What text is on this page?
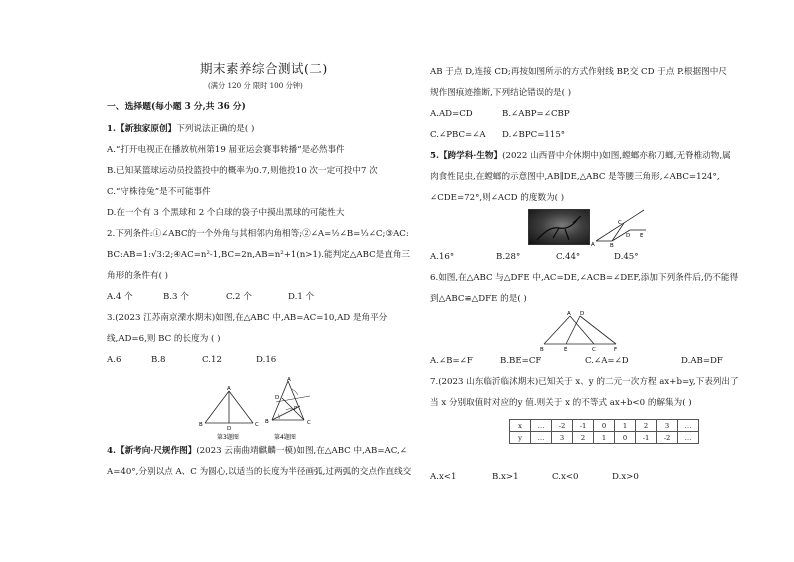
期末素养综合测试(二)
(满分 120 分 限时 100 分钟)
一、选择题(每小题 3 分,共 36 分)
1.【新独家原创】下列说法正确的是( )
A.“打开电视正在播放杭州第19 届亚运会赛事转播”是必然事件
B.已知某篮球运动员投篮投中的概率为0.7,则他投10 次一定可投中7 次
C.“守株待兔”是不可能事件
D.在一个有 3 个黑球和 2 个白球的袋子中摸出黑球的可能性大
2.下列条件:①∠ABC的一个外角与其相邻内角相等;②∠A=½∠B=⅓∠C;③AC:
BC:AB=1:√3:2;④AC=n²-1,BC=2n,AB=n²+1(n>1).能判定△ABC是直角三
角形的条件有( )
A.4 个	B.3 个	C.2 个	D.1 个
3.(2023 江苏南京溧水期末)如图,在△ABC 中,AB=AC=10,AD 是角平分
线,AD=6,则 BC 的长度为 ( )
A.6	B.8	C.12	D.16
A
B	C
D
第3题图
A
B	C
D
P
第4题图
4.【新考向·尺规作图】(2023 云南曲靖麒麟一模)如图,在△ABC 中,AB=AC,∠
A=40°,分别以点 A、C 为圆心,以适当的长度为半径画弧,过两弧的交点作直线交
AB 于点 D,连接 CD;再按如图所示的方式作射线 BP,交 CD 于点 P.根据图中尺
规作图痕迹推断,下列结论错误的是( )
A.AD=CD	B.∠ABP=∠CBP
C.∠PBC=∠A D.∠BPC=115°
5.【跨学科·生物】(2022 山西晋中介休期中)如图,螳螂亦称刀螂,无脊椎动物,属
肉食性昆虫,在螳螂的示意图中,AB∥DE,△ABC 是等腰三角形,∠ABC=124°,
∠CDE=72°,则∠ACD 的度数为( )
A	B
C
D E
A.16°	B.28°	C.44°	D.45°
6.如图,在△ABC 与△DFE 中,AC=DE,∠ACB=∠DEF,添加下列条件后,仍不能得
到△ABC≌△DFE 的是( )
A D
B	E	C	F
A.∠B=∠F	B.BE=CF	C.∠A=∠D	D.AB=DF
7.(2023 山东临沂临沭期末)已知关于 x、y 的二元一次方程 ax+b=y,下表列出了
当 x 分别取值时对应的y 值.则关于 x 的不等式 ax+b<0 的解集为( )
x	…	-2	-1	0	1	2	3	…
y	…	3	2	1	0	-1	-2	…
A.x<1	B.x>1	C.x<0	D.x>0
